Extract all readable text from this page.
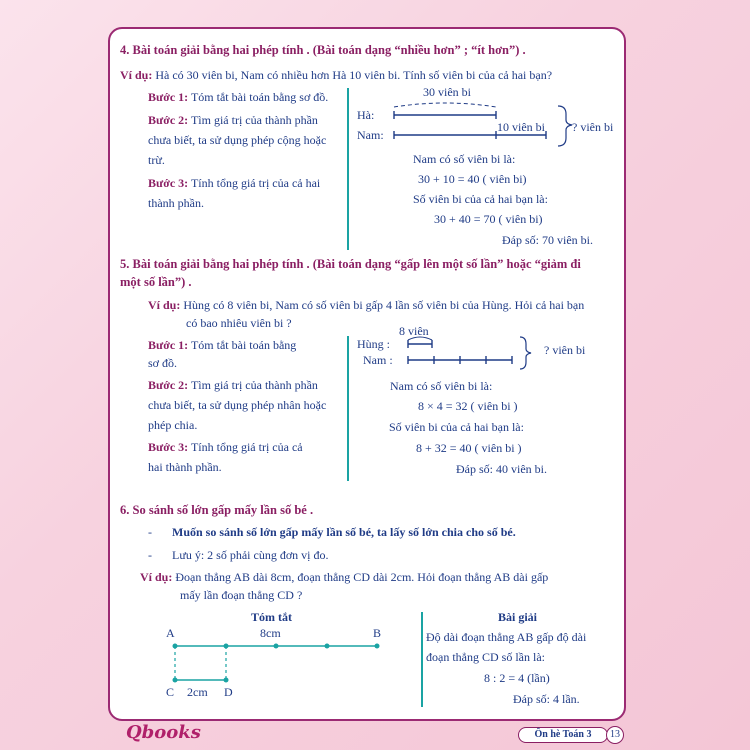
4. Bài toán giải bằng hai phép tính . (Bài toán dạng “nhiều hơn” ; “ít hơn”) .
Ví dụ: Hà có 30 viên bi, Nam có nhiều hơn Hà 10 viên bi. Tính số viên bi của cả hai bạn?
Bước 1: Tóm tắt bài toán bằng sơ đồ.
Bước 2: Tìm giá trị của thành phần
chưa biết, ta sử dụng phép cộng hoặc
trừ.
Bước 3: Tính tổng giá trị của cả hai
thành phần.
30 viên bi
Hà:
Nam:
10 viên bi ? viên bi
Nam có số viên bi là:
30 + 10 = 40 ( viên bi)
Số viên bi của cả hai bạn là:
30 + 40 = 70 ( viên bi)
Đáp số: 70 viên bi.
5. Bài toán giải bằng hai phép tính . (Bài toán dạng “gấp lên một số lần” hoặc “giảm đi
một số lần”) .
Ví dụ: Hùng có 8 viên bi, Nam có số viên bi gấp 4 lần số viên bi của Hùng. Hỏi cả hai bạn
có bao nhiêu viên bi ?
Bước 1: Tóm tắt bài toán bằng
sơ đồ.
Bước 2: Tìm giá trị của thành phần
chưa biết, ta sử dụng phép nhân hoặc
phép chia.
Bước 3: Tính tổng giá trị của cả
hai thành phần.
8 viên
Hùng :
Nam :
? viên bi
Nam có số viên bi là:
8 × 4 = 32 ( viên bi )
Số viên bi của cả hai bạn là:
8 + 32 = 40 ( viên bi )
Đáp số: 40 viên bi.
6. So sánh số lớn gấp mấy lần số bé .
- Muốn so sánh số lớn gấp mấy lần số bé, ta lấy số lớn chia cho số bé.
- Lưu ý: 2 số phải cùng đơn vị đo.
Ví dụ: Đoạn thẳng AB dài 8cm, đoạn thẳng CD dài 2cm. Hỏi đoạn thẳng AB dài gấp
mấy lần đoạn thẳng CD ?
Tóm tắt	Bài giải
A	8cm	B
C 2cm D
Độ dài đoạn thẳng AB gấp độ dài
đoạn thẳng CD số lần là:
8 : 2 = 4 (lần)
Đáp số: 4 lần.
Qbooks	Ôn hè Toán 3	13
